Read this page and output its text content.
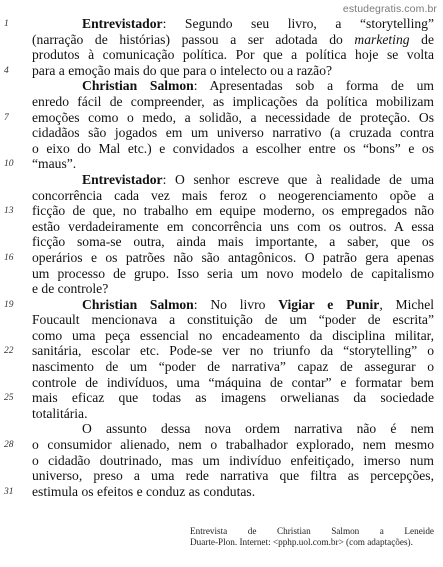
estudegratis.com.br
1	Entrevistador: Segundo seu livro, a “storytelling”
(narração de histórias) passou a ser adotada do marketing de
produtos à comunicação política. Por que a política hoje se volta
4 para a emoção mais do que para o intelecto ou a razão?
Christian Salmon: Apresentadas sob a forma de um
enredo fácil de compreender, as implicações da política mobilizam
7 emoções como o medo, a solidão, a necessidade de proteção. Os
cidadãos são jogados em um universo narrativo (a cruzada contra
o eixo do Mal etc.) e convidados a escolher entre os “bons” e os
10 “maus”.
Entrevistador: O senhor escreve que à realidade de uma
concorrência cada vez mais feroz o neogerenciamento opõe a
13 ficção de que, no trabalho em equipe moderno, os empregados não
estão verdadeiramente em concorrência uns com os outros. A essa
ficção soma-se outra, ainda mais importante, a saber, que os
16 operários e os patrões não são antagônicos. O patrão gera apenas
um processo de grupo. Isso seria um novo modelo de capitalismo
e de controle?
19	Christian Salmon: No livro Vigiar e Punir, Michel
Foucault mencionava a constituição de um “poder de escrita”
como uma peça essencial no encadeamento da disciplina militar,
22 sanitária, escolar etc. Pode-se ver no triunfo da “storytelling” o
nascimento de um “poder de narrativa” capaz de assegurar o
controle de indivíduos, uma “máquina de contar” e formatar bem
25 mais eficaz que todas as imagens orwelianas da sociedade
totalitária.
O assunto dessa nova ordem narrativa não é nem
28 o consumidor alienado, nem o trabalhador explorado, nem mesmo
o cidadão doutrinado, mas um indivíduo enfeitiçado, imerso num
universo, preso a uma rede narrativa que filtra as percepções,
31 estimula os efeitos e conduz as condutas.
Entrevista de Christian Salmon a Leneide
Duarte-Plon. Internet: <pphp.uol.com.br> (com adaptações).
